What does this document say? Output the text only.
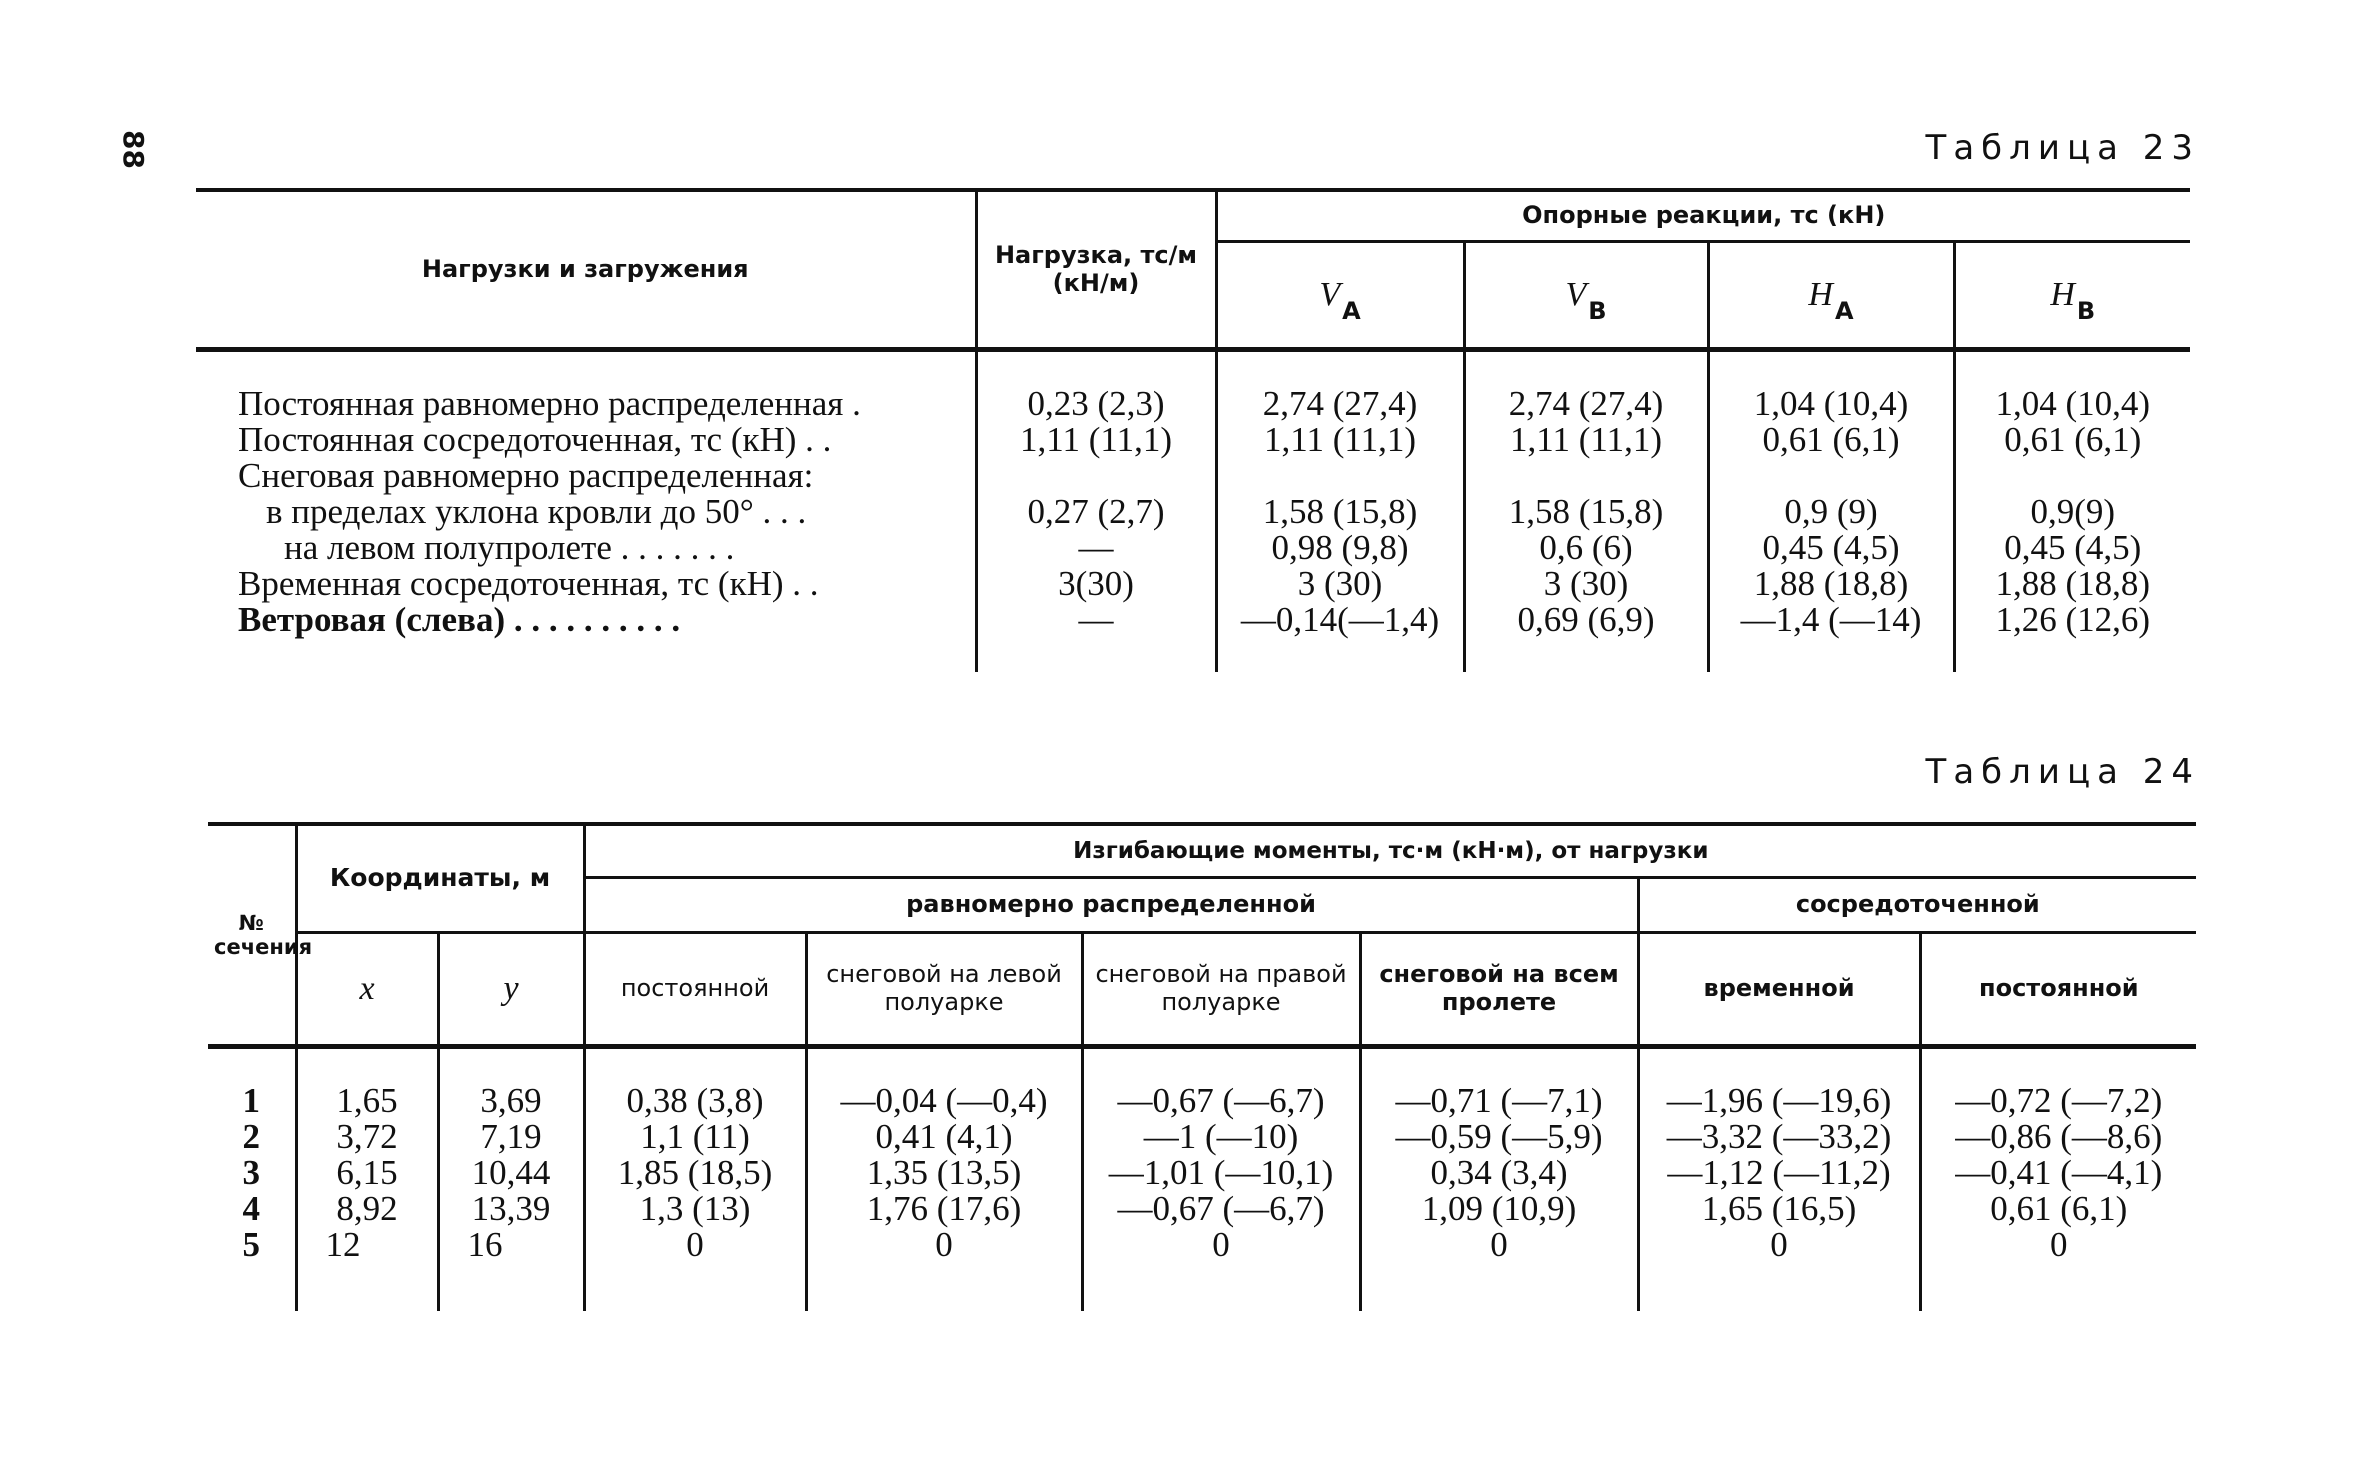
88	Таблица 23
Нагрузки и загружения	Нагрузка, тс/м (кН/м)	Опорные реакции, тс (кН)			
		VA	VB	HA	HB
Постоянная равномерно распределенная .	0,23 (2,3)	2,74 (27,4)	2,74 (27,4)	1,04 (10,4)	1,04 (10,4)
Постоянная сосредоточенная, тс (кН) . .	1,11 (11,1)	1,11 (11,1)	1,11 (11,1)	0,61 (6,1)	0,61 (6,1)
Снеговая равномерно распределенная:					
в пределах уклона кровли до 50° . . .	0,27 (2,7)	1,58 (15,8)	1,58 (15,8)	0,9 (9)	0,9(9)
на левом полупролете . . . . . . .	—	0,98 (9,8)	0,6 (6)	0,45 (4,5)	0,45 (4,5)
Временная сосредоточенная, тс (кН) . .	3(30)	3 (30)	3 (30)	1,88 (18,8)	1,88 (18,8)
Ветровая (слева) . . . . . . . . . .	—	—0,14(—1,4)	0,69 (6,9)	—1,4 (—14)	1,26 (12,6)
Таблица 24
№ сечения	Координаты, м		Изгибающие моменты, тс·м (кН·м), от нагрузки					
			равномерно распределенной				сосредоточенной	
	x	y	постоянной	снеговой на левой полуарке	снеговой на правой полуарке	снеговой на всем пролете	временной	постоянной
1	1,65	3,69	0,38 (3,8)	—0,04 (—0,4)	—0,67 (—6,7)	—0,71 (—7,1)	—1,96 (—19,6)	—0,72 (—7,2)
2	3,72	7,19	1,1 (11)	0,41 (4,1)	—1 (—10)	—0,59 (—5,9)	—3,32 (—33,2)	—0,86 (—8,6)
3	6,15	10,44	1,85 (18,5)	1,35 (13,5)	—1,01 (—10,1)	0,34 (3,4)	—1,12 (—11,2)	—0,41 (—4,1)
4	8,92	13,39	1,3 (13)	1,76 (17,6)	—0,67 (—6,7)	1,09 (10,9)	1,65 (16,5)	0,61 (6,1)
5	12	16	0	0	0	0	0	0
